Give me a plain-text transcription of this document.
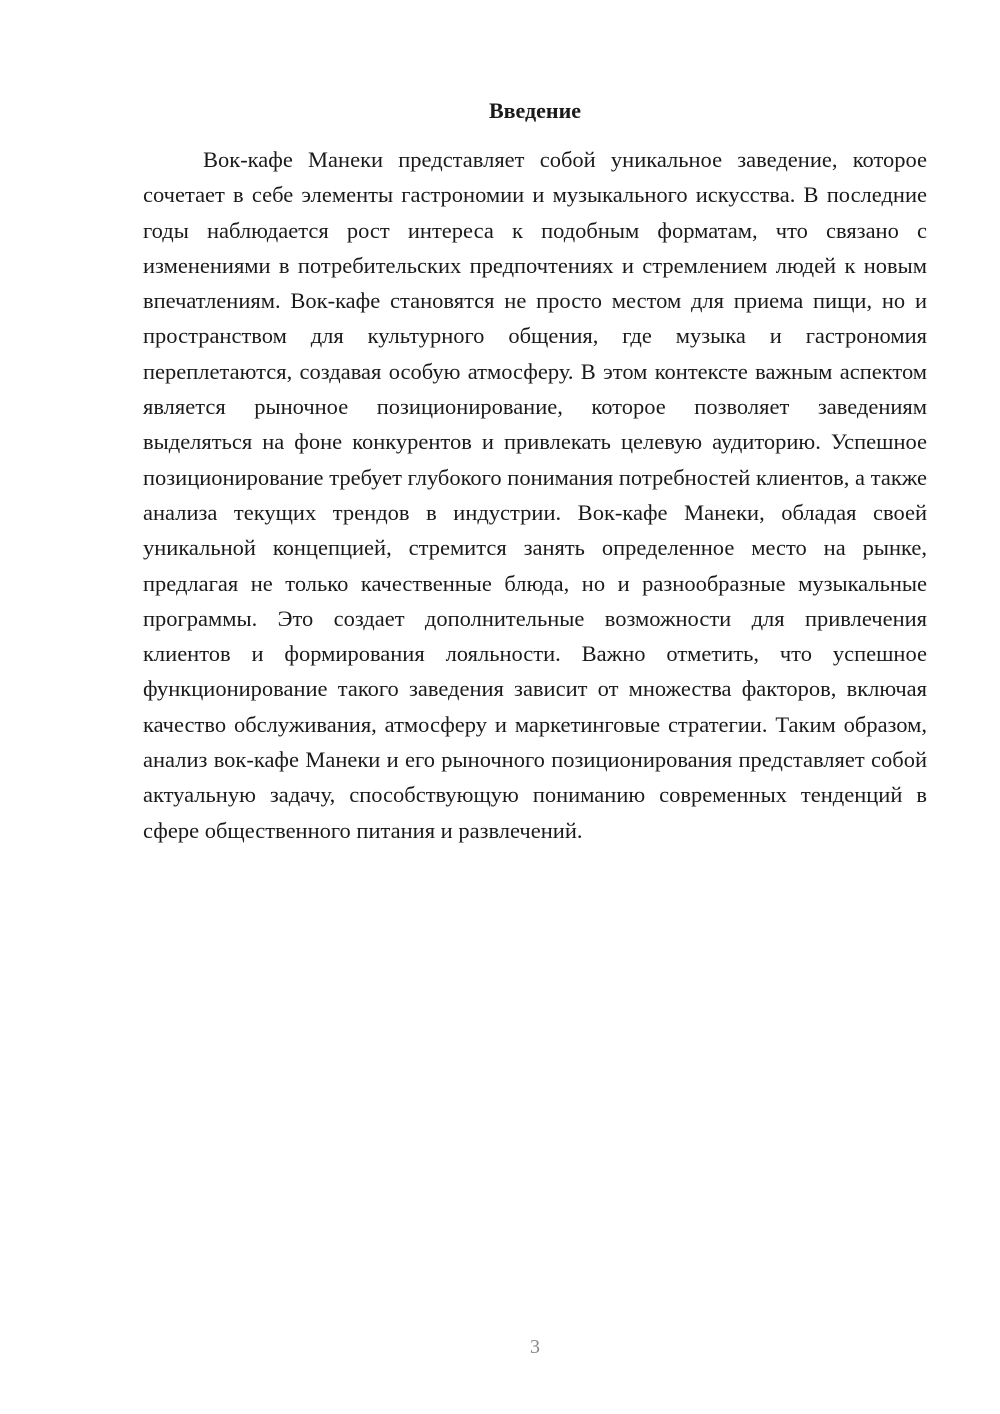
Введение

Вок-кафе Манеки представляет собой уникальное заведение, которое сочетает в себе элементы гастрономии и музыкального искусства. В последние годы наблюдается рост интереса к подобным форматам, что связано с изменениями в потребительских предпочтениях и стремлением людей к новым впечатлениям. Вок-кафе становятся не просто местом для приема пищи, но и пространством для культурного общения, где музыка и гастрономия переплетаются, создавая особую атмосферу. В этом контексте важным аспектом является рыночное позиционирование, которое позволяет заведениям выделяться на фоне конкурентов и привлекать целевую аудиторию. Успешное позиционирование требует глубокого понимания потребностей клиентов, а также анализа текущих трендов в индустрии. Вок-кафе Манеки, обладая своей уникальной концепцией, стремится занять определенное место на рынке, предлагая не только качественные блюда, но и разнообразные музыкальные программы. Это создает дополнительные возможности для привлечения клиентов и формирования лояльности. Важно отметить, что успешное функционирование такого заведения зависит от множества факторов, включая качество обслуживания, атмосферу и маркетинговые стратегии. Таким образом, анализ вок-кафе Манеки и его рыночного позиционирования представляет собой актуальную задачу, способствующую пониманию современных тенденций в сфере общественного питания и развлечений.

3
